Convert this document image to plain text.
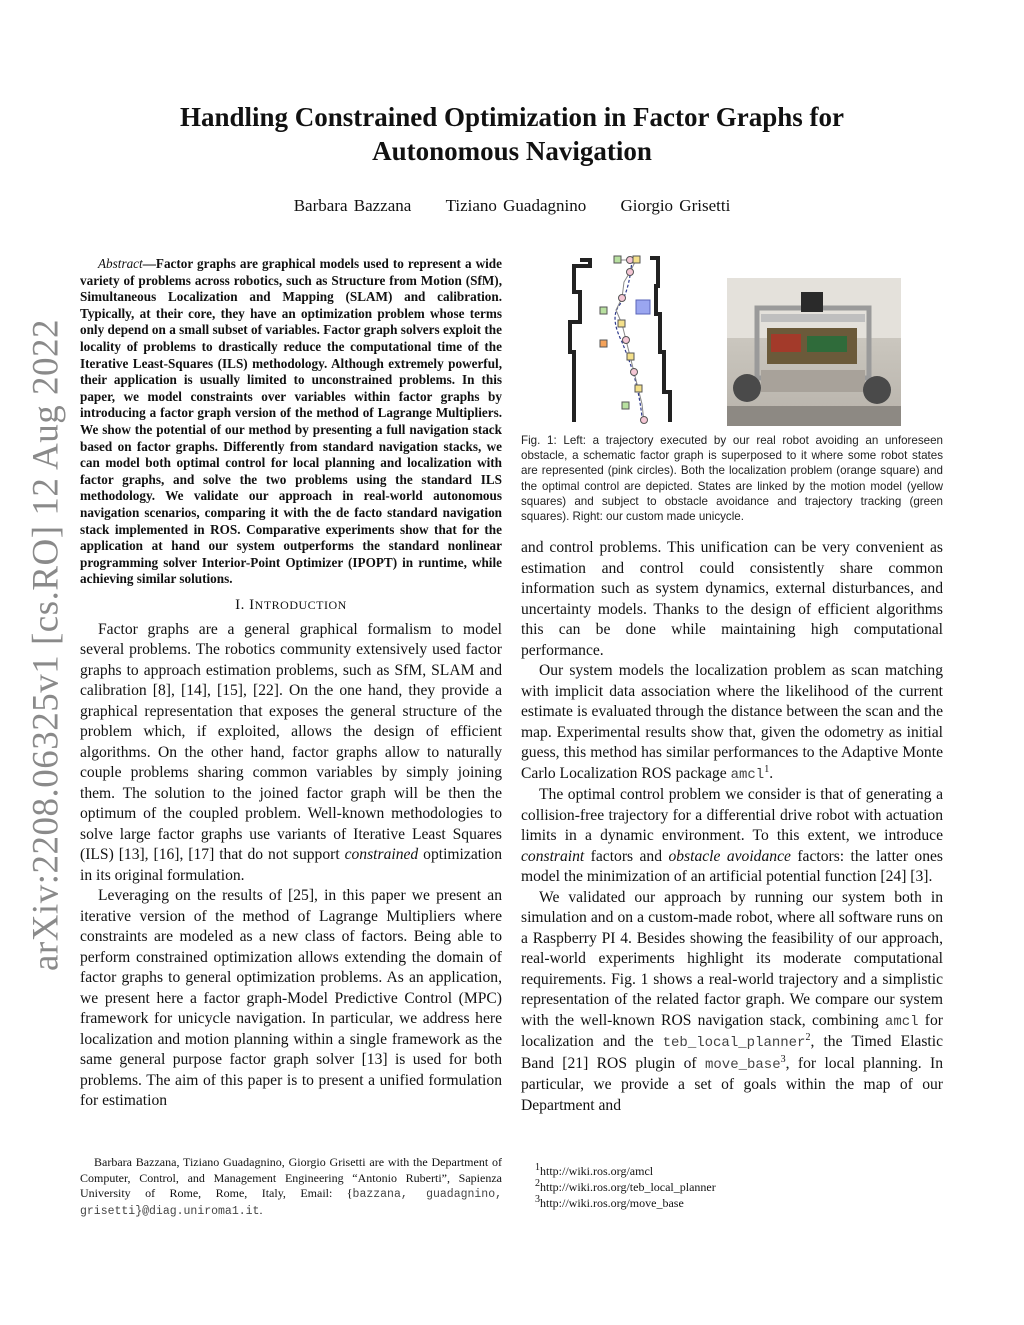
arXiv:2208.06325v1 [cs.RO] 12 Aug 2022
Handling Constrained Optimization in Factor Graphs for
Autonomous Navigation
Barbara Bazzana Tiziano Guadagnino Giorgio Grisetti

Abstract—Factor graphs are graphical models used to represent a wide variety of problems across robotics, such as Structure from Motion (SfM), Simultaneous Localization and Mapping (SLAM) and calibration. Typically, at their core, they have an optimization problem whose terms only depend on a small subset of variables. Factor graph solvers exploit the locality of problems to drastically reduce the computational time of the Iterative Least-Squares (ILS) methodology. Although extremely powerful, their application is usually limited to unconstrained problems. In this paper, we model constraints over variables within factor graphs by introducing a factor graph version of the method of Lagrange Multipliers. We show the potential of our method by presenting a full navigation stack based on factor graphs. Differently from standard navigation stacks, we can model both optimal control for local planning and localization with factor graphs, and solve the two problems using the standard ILS methodology. We validate our approach in real-world autonomous navigation scenarios, comparing it with the de facto standard navigation stack implemented in ROS. Comparative experiments show that for the application at hand our system outperforms the standard nonlinear programming solver Interior-Point Optimizer (IPOPT) in runtime, while achieving similar solutions.

I. INTRODUCTION

Factor graphs are a general graphical formalism to model several problems. The robotics community extensively used factor graphs to approach estimation problems, such as SfM, SLAM and calibration [8], [14], [15], [22]. On the one hand, they provide a graphical representation that exposes the general structure of the problem which, if exploited, allows the design of efficient algorithms. On the other hand, factor graphs allow to naturally couple problems sharing common variables by simply joining them. The solution to the joined factor graph will be then the optimum of the coupled problem. Well-known methodologies to solve large factor graphs use variants of Iterative Least Squares (ILS) [13], [16], [17] that do not support constrained optimization in its original formulation.

Leveraging on the results of [25], in this paper we present an iterative version of the method of Lagrange Multipliers where constraints are modeled as a new class of factors. Being able to perform constrained optimization allows extending the domain of factor graphs to general optimization problems. As an application, we present here a factor graph-Model Predictive Control (MPC) framework for unicycle navigation. In particular, we address here localization and motion planning within a single framework as the same general purpose factor graph solver [13] is used for both problems. The aim of this paper is to present a unified formulation for estimation

Barbara Bazzana, Tiziano Guadagnino, Giorgio Grisetti are with the Department of Computer, Control, and Management Engineering “Antonio Ruberti”, Sapienza University of Rome, Rome, Italy, Email: {bazzana, guadagnino, grisetti}@diag.uniroma1.it.
Fig. 1: Left: a trajectory executed by our real robot avoiding an unforeseen obstacle, a schematic factor graph is superposed to it where some robot states are represented (pink circles). Both the localization problem (orange square) and the optimal control are depicted. States are linked by the motion model (yellow squares) and subject to obstacle avoidance and trajectory tracking (green squares). Right: our custom made unicycle.

and control problems. This unification can be very convenient as estimation and control could consistently share common information such as system dynamics, external disturbances, and uncertainty models. Thanks to the design of efficient algorithms this can be done while maintaining high computational performance.

Our system models the localization problem as scan matching with implicit data association where the likelihood of the current estimate is evaluated through the distance between the scan and the map. Experimental results show that, given the odometry as initial guess, this method has similar performances to the Adaptive Monte Carlo Localization ROS package amcl$^1$.

The optimal control problem we consider is that of generating a collision-free trajectory for a differential drive robot with actuation limits in a dynamic environment. To this extent, we introduce constraint factors and obstacle avoidance factors: the latter ones model the minimization of an artificial potential function [24] [3].

We validated our approach by running our system both in simulation and on a custom-made robot, where all software runs on a Raspberry PI 4. Besides showing the feasibility of our approach, real-world experiments highlight its moderate computational requirements. Fig. 1 shows a real-world trajectory and a simplistic representation of the related factor graph. We compare our system with the well-known ROS navigation stack, combining amcl for localization and the teb_local_planner$^2$, the Timed Elastic Band [21] ROS plugin of move_base$^3$, for local planning. In particular, we provide a set of goals within the map of our Department and

$^1$http://wiki.ros.org/amcl
$^2$http://wiki.ros.org/teb_local_planner
$^3$http://wiki.ros.org/move_base
